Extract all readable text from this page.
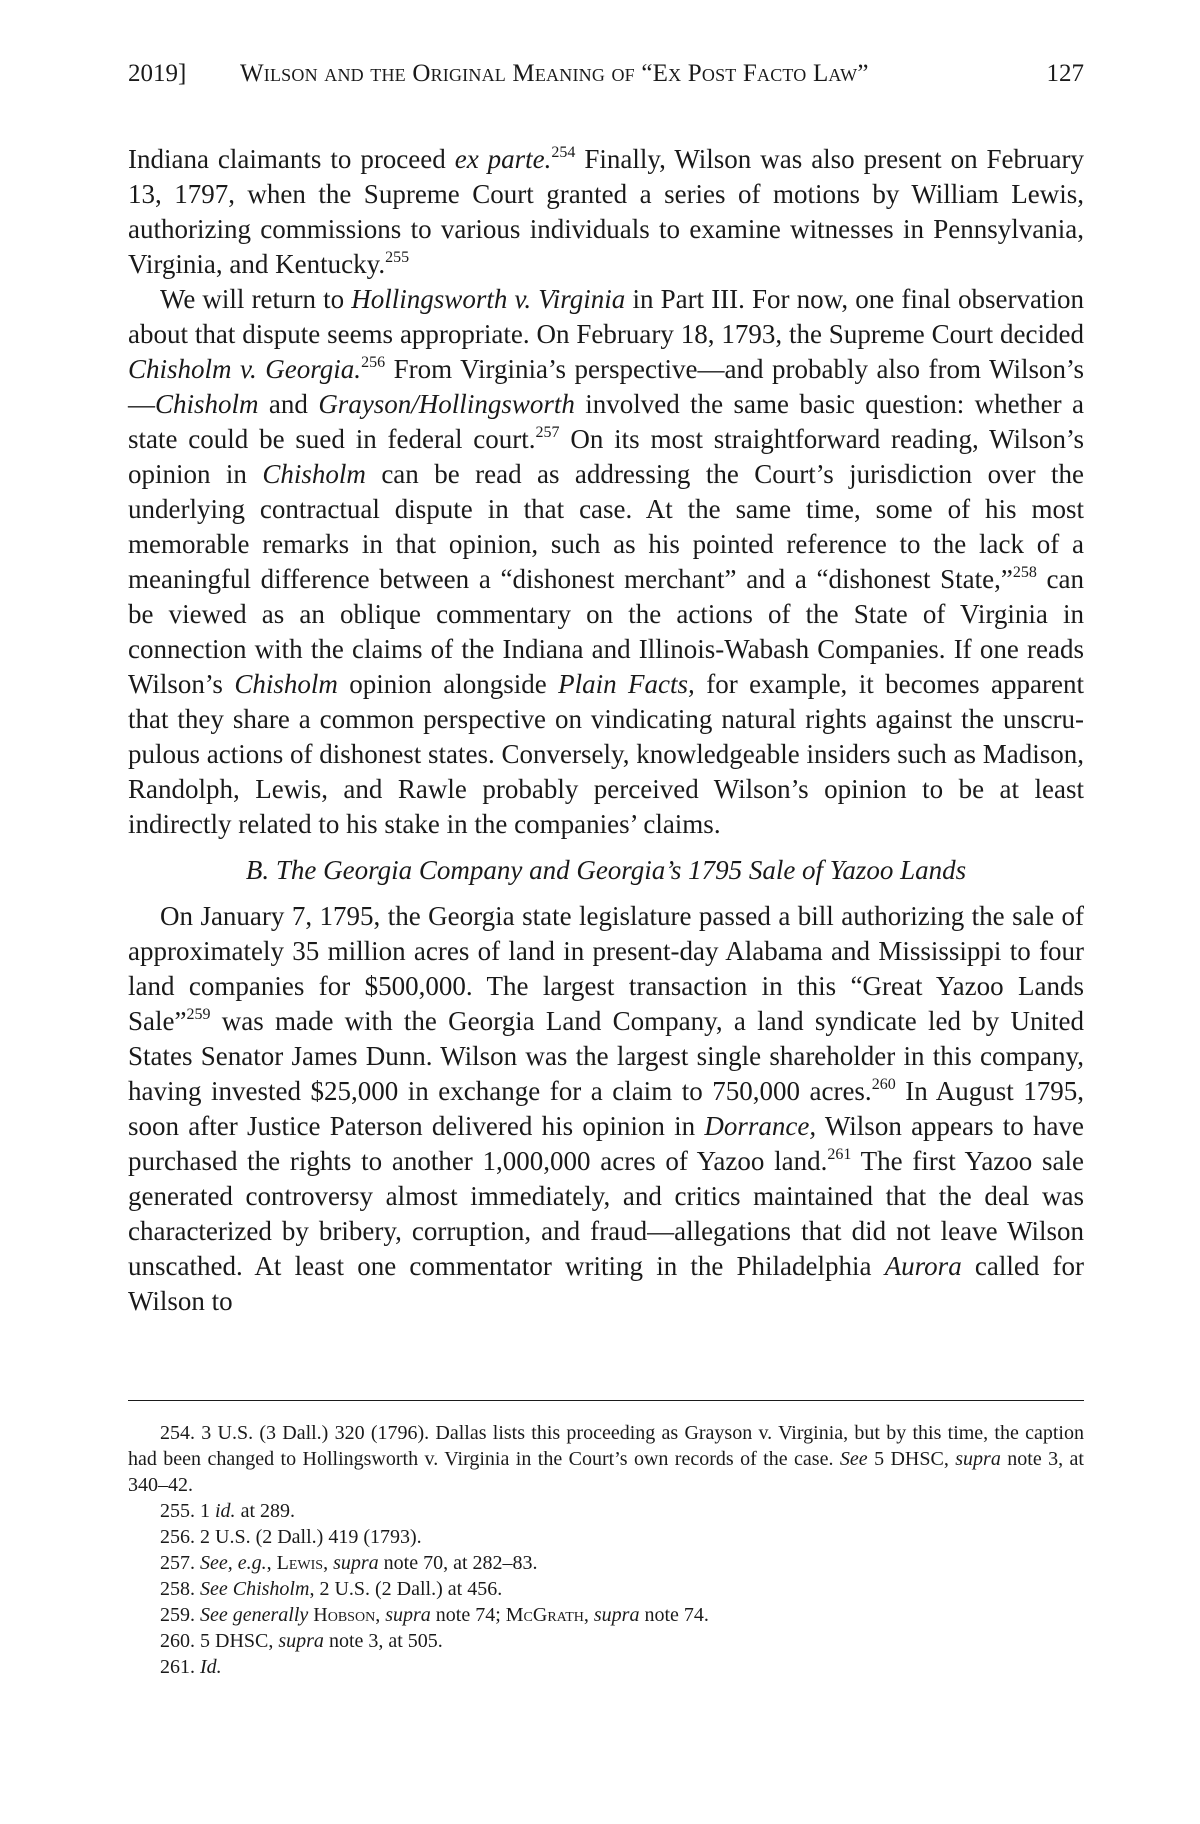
2019] Wilson and the Original Meaning of “Ex Post Facto Law”	127

Indiana claimants to proceed ex parte.$^{254}$ Finally, Wilson was also present on February 13, 1797, when the Supreme Court granted a series of motions by William Lewis, authorizing commissions to various individuals to examine witnesses in Pennsylvania, Virginia, and Kentucky.$^{255}$

We will return to Hollingsworth v. Virginia in Part III. For now, one final observation about that dispute seems appropriate. On February 18, 1793, the Supreme Court decided Chisholm v. Georgia.$^{256}$ From Virginia’s perspective—and probably also from Wilson’s—Chisholm and Grayson/Hollingsworth involved the same basic question: whether a state could be sued in federal court.$^{257}$ On its most straightforward reading, Wilson’s opinion in Chisholm can be read as addressing the Court’s jurisdiction over the underlying contractual dispute in that case. At the same time, some of his most memorable remarks in that opinion, such as his pointed reference to the lack of a meaningful difference between a “dishonest merchant” and a “dishonest State,”$^{258}$ can be viewed as an oblique commentary on the actions of the State of Virginia in connection with the claims of the Indiana and Illinois-Wabash Companies. If one reads Wilson’s Chisholm opinion alongside Plain Facts, for example, it becomes apparent that they share a common perspective on vindicating natural rights against the unscrupulous actions of dishonest states. Conversely, knowledgeable insiders such as Madison, Randolph, Lewis, and Rawle probably perceived Wilson’s opinion to be at least indirectly related to his stake in the companies’ claims.

B. The Georgia Company and Georgia’s 1795 Sale of Yazoo Lands

On January 7, 1795, the Georgia state legislature passed a bill authorizing the sale of approximately 35 million acres of land in present-day Alabama and Mississippi to four land companies for $500,000. The largest transaction in this “Great Yazoo Lands Sale”$^{259}$ was made with the Georgia Land Company, a land syndicate led by United States Senator James Dunn. Wilson was the largest single shareholder in this company, having invested $25,000 in exchange for a claim to 750,000 acres.$^{260}$ In August 1795, soon after Justice Paterson delivered his opinion in Dorrance, Wilson appears to have purchased the rights to another 1,000,000 acres of Yazoo land.$^{261}$ The first Yazoo sale generated controversy almost immediately, and critics maintained that the deal was characterized by bribery, corruption, and fraud—allegations that did not leave Wilson unscathed. At least one commentator writing in the Philadelphia Aurora called for Wilson to

254. 3 U.S. (3 Dall.) 320 (1796). Dallas lists this proceeding as Grayson v. Virginia, but by this time, the caption had been changed to Hollingsworth v. Virginia in the Court’s own records of the case. See 5 DHSC, supra note 3, at 340–42.

255. 1 id. at 289.

256. 2 U.S. (2 Dall.) 419 (1793).

257. See, e.g., Lewis, supra note 70, at 282–83.

258. See Chisholm, 2 U.S. (2 Dall.) at 456.

259. See generally Hobson, supra note 74; McGrath, supra note 74.

260. 5 DHSC, supra note 3, at 505.

261. Id.
